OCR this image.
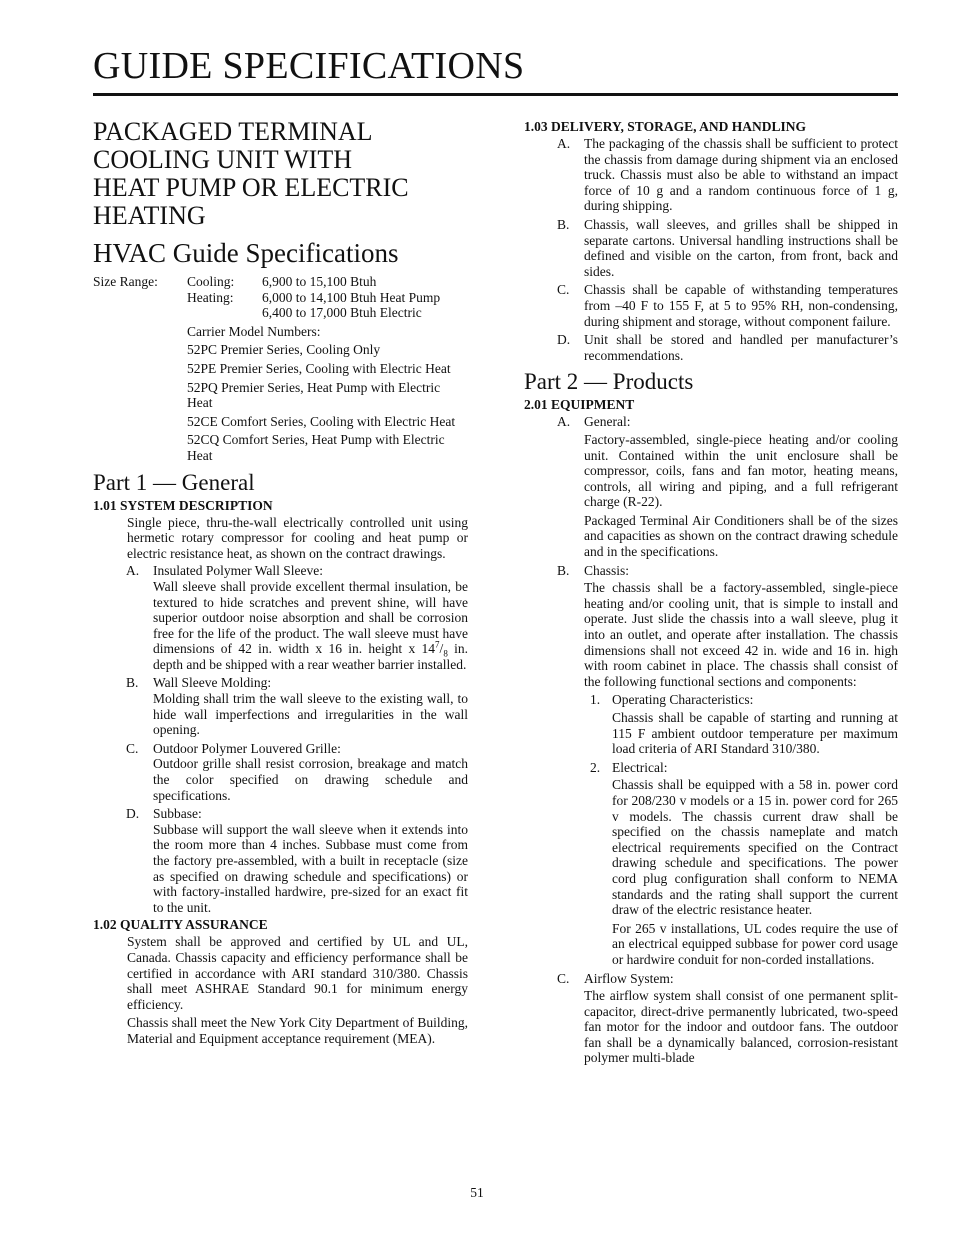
GUIDE SPECIFICATIONS
PACKAGED TERMINAL
COOLING UNIT WITH
HEAT PUMP OR ELECTRIC
HEATING
HVAC Guide Specifications
Size Range: Cooling: 6,900 to 15,100 Btuh
Heating: 6,000 to 14,100 Btuh Heat Pump
6,400 to 17,000 Btuh Electric

Carrier Model Numbers:

52PC Premier Series, Cooling Only

52PE Premier Series, Cooling with Electric Heat

52PQ Premier Series, Heat Pump with Electric Heat

52CE Comfort Series, Cooling with Electric Heat

52CQ Comfort Series, Heat Pump with Electric Heat

Part 1 — General
1.01 SYSTEM DESCRIPTION

Single piece, thru-the-wall electrically controlled unit using hermetic rotary compressor for cooling and heat pump or electric resistance heat, as shown on the contract drawings.

A. Insulated Polymer Wall Sleeve:

Wall sleeve shall provide excellent thermal insulation, be textured to hide scratches and prevent shine, will have superior outdoor noise absorption and shall be corrosion free for the life of the product. The wall sleeve must have dimensions of 42 in. width x 16 in. height x $14^7/_8$ in. depth and be shipped with a rear weather barrier installed.

B. Wall Sleeve Molding:

Molding shall trim the wall sleeve to the existing wall, to hide wall imperfections and irregularities in the wall opening.

C. Outdoor Polymer Louvered Grille:

Outdoor grille shall resist corrosion, breakage and match the color specified on drawing schedule and specifications.

D. Subbase:

Subbase will support the wall sleeve when it extends into the room more than 4 inches. Subbase must come from the factory pre-assembled, with a built in receptacle (size as specified on drawing schedule and specifications) or with factory-installed hardwire, pre-sized for an exact fit to the unit.

1.02 QUALITY ASSURANCE

System shall be approved and certified by UL and UL, Canada. Chassis capacity and efficiency performance shall be certified in accordance with ARI standard 310/380. Chassis shall meet ASHRAE Standard 90.1 for minimum energy efficiency.

Chassis shall meet the New York City Department of Building, Material and Equipment acceptance requirement (MEA).

1.03 DELIVERY, STORAGE, AND HANDLING
A. The packaging of the chassis shall be sufficient to protect the chassis from damage during shipment via an enclosed truck. Chassis must also be able to withstand an impact force of 10 g and a random continuous force of 1 g, during shipping.
B. Chassis, wall sleeves, and grilles shall be shipped in separate cartons. Universal handling instructions shall be defined and visible on the carton, from front, back and sides.
C. Chassis shall be capable of withstanding temperatures from –40 F to 155 F, at 5 to 95% RH, non-condensing, during shipment and storage, without component failure.
D. Unit shall be stored and handled per manufacturer’s recommendations.
Part 2 — Products
2.01 EQUIPMENT
A. General:

Factory-assembled, single-piece heating and/or cooling unit. Contained within the unit enclosure shall be compressor, coils, fans and fan motor, heating means, controls, all wiring and piping, and a full refrigerant charge (R-22).

Packaged Terminal Air Conditioners shall be of the sizes and capacities as shown on the contract drawing schedule and in the specifications.

B. Chassis:

The chassis shall be a factory-assembled, single-piece heating and/or cooling unit, that is simple to install and operate. Just slide the chassis into a wall sleeve, plug it into an outlet, and operate after installation. The chassis dimensions shall not exceed 42 in. wide and 16 in. high with room cabinet in place. The chassis shall consist of the following functional sections and components:

1. Operating Characteristics:

Chassis shall be capable of starting and running at 115 F ambient outdoor temperature per maximum load criteria of ARI Standard 310/380.

2. Electrical:

Chassis shall be equipped with a 58 in. power cord for 208/230 v models or a 15 in. power cord for 265 v models. The chassis current draw shall be specified on the chassis nameplate and match electrical requirements specified on the Contract drawing schedule and specifications. The power cord plug configuration shall conform to NEMA standards and the rating shall support the current draw of the electric resistance heater.

For 265 v installations, UL codes require the use of an electrical equipped subbase for power cord usage or hardwire conduit for non-corded installations.

C. Airflow System:

The airflow system shall consist of one permanent split-capacitor, direct-drive permanently lubricated, two-speed fan motor for the indoor and outdoor fans. The outdoor fan shall be a dynamically balanced, corrosion-resistant polymer multi-blade

51
